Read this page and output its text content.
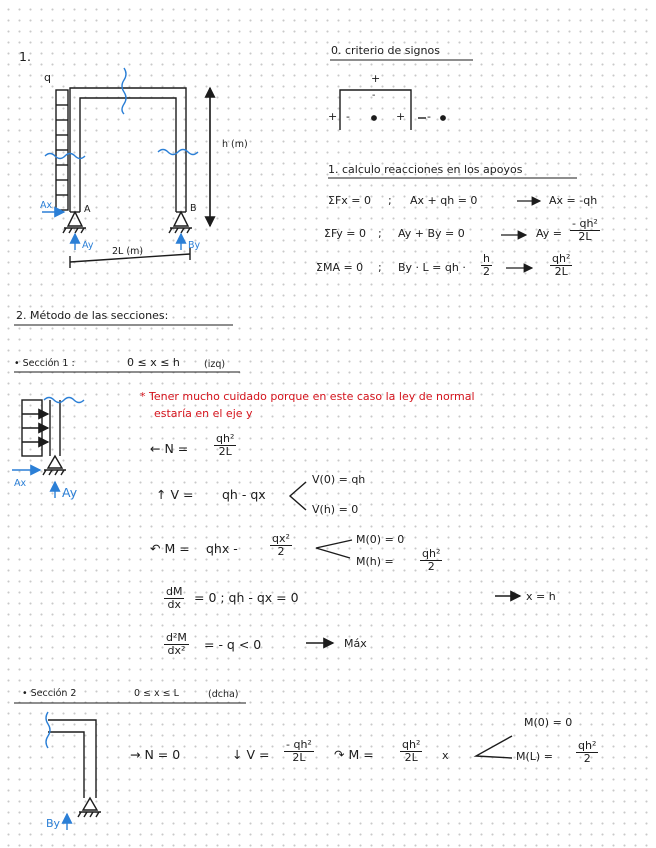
1.
q
h (m)
2L (m)
A	B
Ax
Ay	By
0. criterio de signos
+
-
+ -	+ -
1. calculo reacciones en los apoyos
ΣFx = 0 ; Ax + qh = 0	Ax = -qh
ΣFy = 0 ; Ay + By = 0	$Ay = \frac{\text{- qh²}}{2L}$
ΣMA = 0 ; By · L = qh · $\frac{h}{2}$	$\frac{\text{qh²}}{2L}$
2. Método de las secciones:
• Sección 1 :	0 ≤ x ≤ h	(izq)
* Tener mucho cuidado porque en este caso la ley de normal
estaría en el eje y
Ax
Ay
← $N = \frac{\text{qh²}}{2L}$
↑ V = qh - qx
V(0) = qh
V(h) = 0
↶ M = qhx -	$\frac{\text{qx²}}{2}$	M(0) = 0
$M(h) = \frac{\text{qh²}}{2}$
$\frac{dM}{dx} = 0$ ; qh - qx = 0	x = h
$\frac{\text{d²M}}{\text{dx²}}$ = - q < 0	Máx
• Sección 2	0 ≤ x ≤ L	(dcha)
→ N = 0	↓ $V = \frac{\text{- qh²}}{2L}$ ↷ $M = \frac{\text{qh²}}{2L}$ x
M(0) = 0
$M(L) = \frac{\text{qh²}}{2}$
By
